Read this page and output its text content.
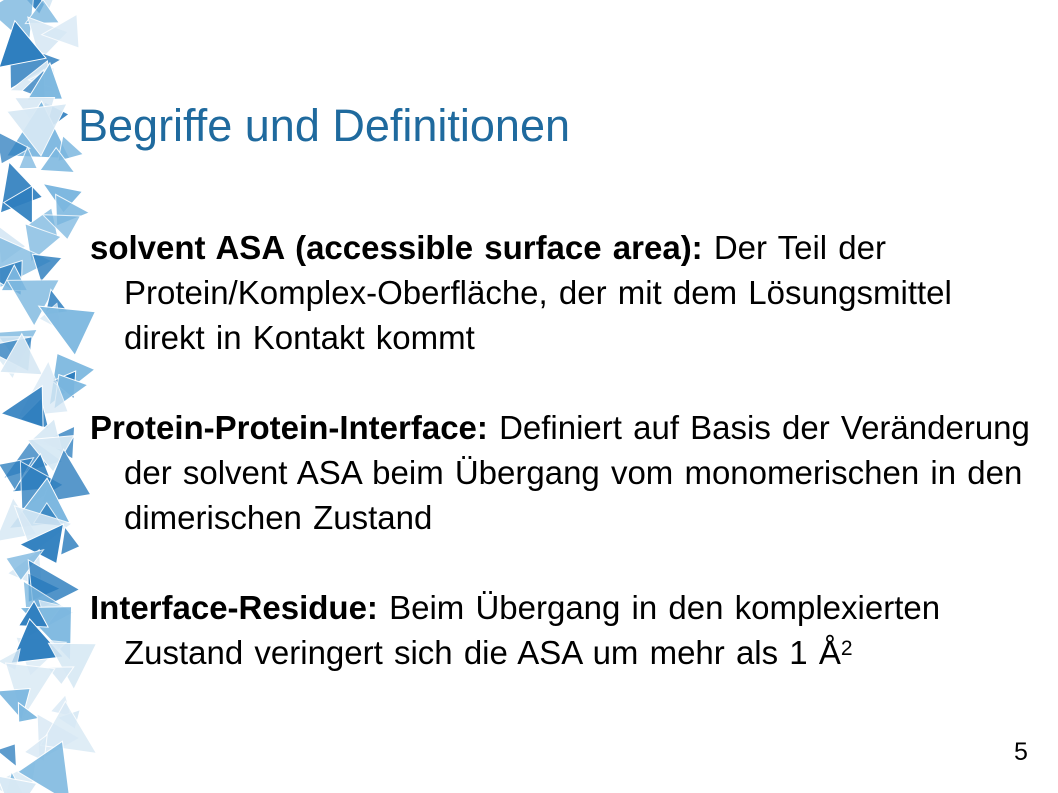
Begriffe und Definitionen
solvent ASA (accessible surface area): Der Teil der Protein/Komplex-Oberfläche, der mit dem Lösungsmittel direkt in Kontakt kommt
Protein-Protein-Interface: Definiert auf Basis der Veränderung der solvent ASA beim Übergang vom monomerischen in den dimerischen Zustand
Interface-Residue: Beim Übergang in den komplexierten Zustand veringert sich die ASA um mehr als 1 $Å^2$
5
